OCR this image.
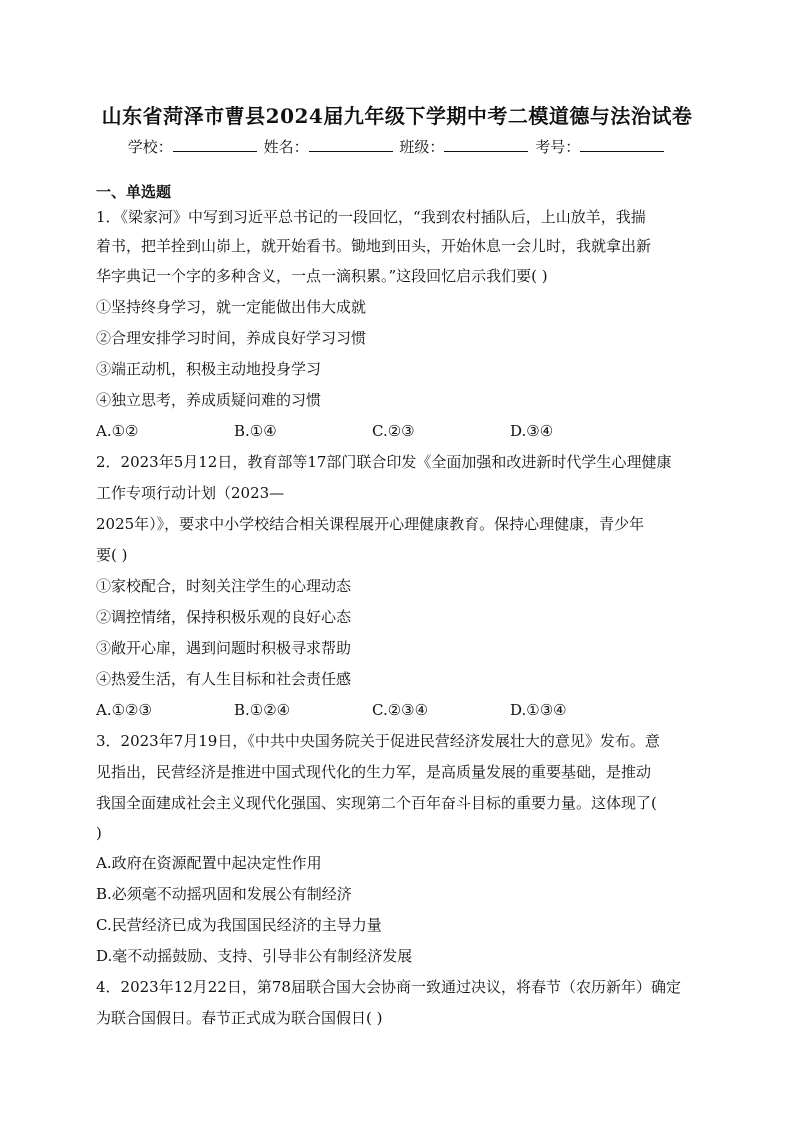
山东省菏泽市曹县2024届九年级下学期中考二模道德与法治试卷
学校：	姓名：	班级：	考号：
一、单选题
1．《梁家河》中写到习近平总书记的一段回忆，“我到农村插队后，上山放羊，我揣
着书，把羊拴到山峁上，就开始看书。锄地到田头，开始休息一会儿时，我就拿出新
华字典记一个字的多种含义，一点一滴积累。”这段回忆启示我们要( )
①坚持终身学习，就一定能做出伟大成就
②合理安排学习时间，养成良好学习习惯
③端正动机，积极主动地投身学习
④独立思考，养成质疑问难的习惯
A.①②	B.①④	C.②③	D.③④
2．2023年5月12日，教育部等17部门联合印发《全面加强和改进新时代学生心理健康
工作专项行动计划（2023—
2025年）》，要求中小学校结合相关课程展开心理健康教育。保持心理健康，青少年
要( )
①家校配合，时刻关注学生的心理动态
②调控情绪，保持积极乐观的良好心态
③敞开心扉，遇到问题时积极寻求帮助
④热爱生活，有人生目标和社会责任感
A.①②③	B.①②④	C.②③④	D.①③④
3．2023年7月19日，《中共中央国务院关于促进民营经济发展壮大的意见》发布。意
见指出，民营经济是推进中国式现代化的生力军，是高质量发展的重要基础，是推动
我国全面建成社会主义现代化强国、实现第二个百年奋斗目标的重要力量。这体现了(
)
A.政府在资源配置中起决定性作用
B.必须毫不动摇巩固和发展公有制经济
C.民营经济已成为我国国民经济的主导力量
D.毫不动摇鼓励、支持、引导非公有制经济发展
4．2023年12月22日，第78届联合国大会协商一致通过决议，将春节（农历新年）确定
为联合国假日。春节正式成为联合国假日( )
